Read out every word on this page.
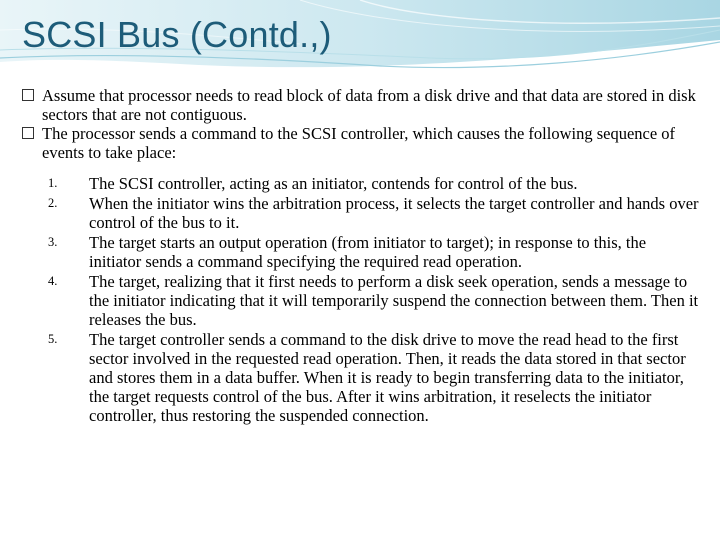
SCSI Bus (Contd.,)

Assume that processor needs to read block of data from a disk drive and that data are stored in disk sectors that are not contiguous.

The processor sends a command to the SCSI controller, which causes the following sequence of events to take place:

1. The SCSI controller, acting as an initiator, contends for control of the bus.
2. When the initiator wins the arbitration process, it selects the target controller and hands over control of the bus to it.
3. The target starts an output operation (from initiator to target); in response to this, the initiator sends a command specifying the required read operation.
4. The target, realizing that it first needs to perform a disk seek operation, sends a message to the initiator indicating that it will temporarily suspend the connection between them. Then it releases the bus.
5. The target controller sends a command to the disk drive to move the read head to the first sector involved in the requested read operation. Then, it reads the data stored in that sector and stores them in a data buffer. When it is ready to begin transferring data to the initiator, the target requests control of the bus. After it wins arbitration, it reselects the initiator controller, thus restoring the suspended connection.
